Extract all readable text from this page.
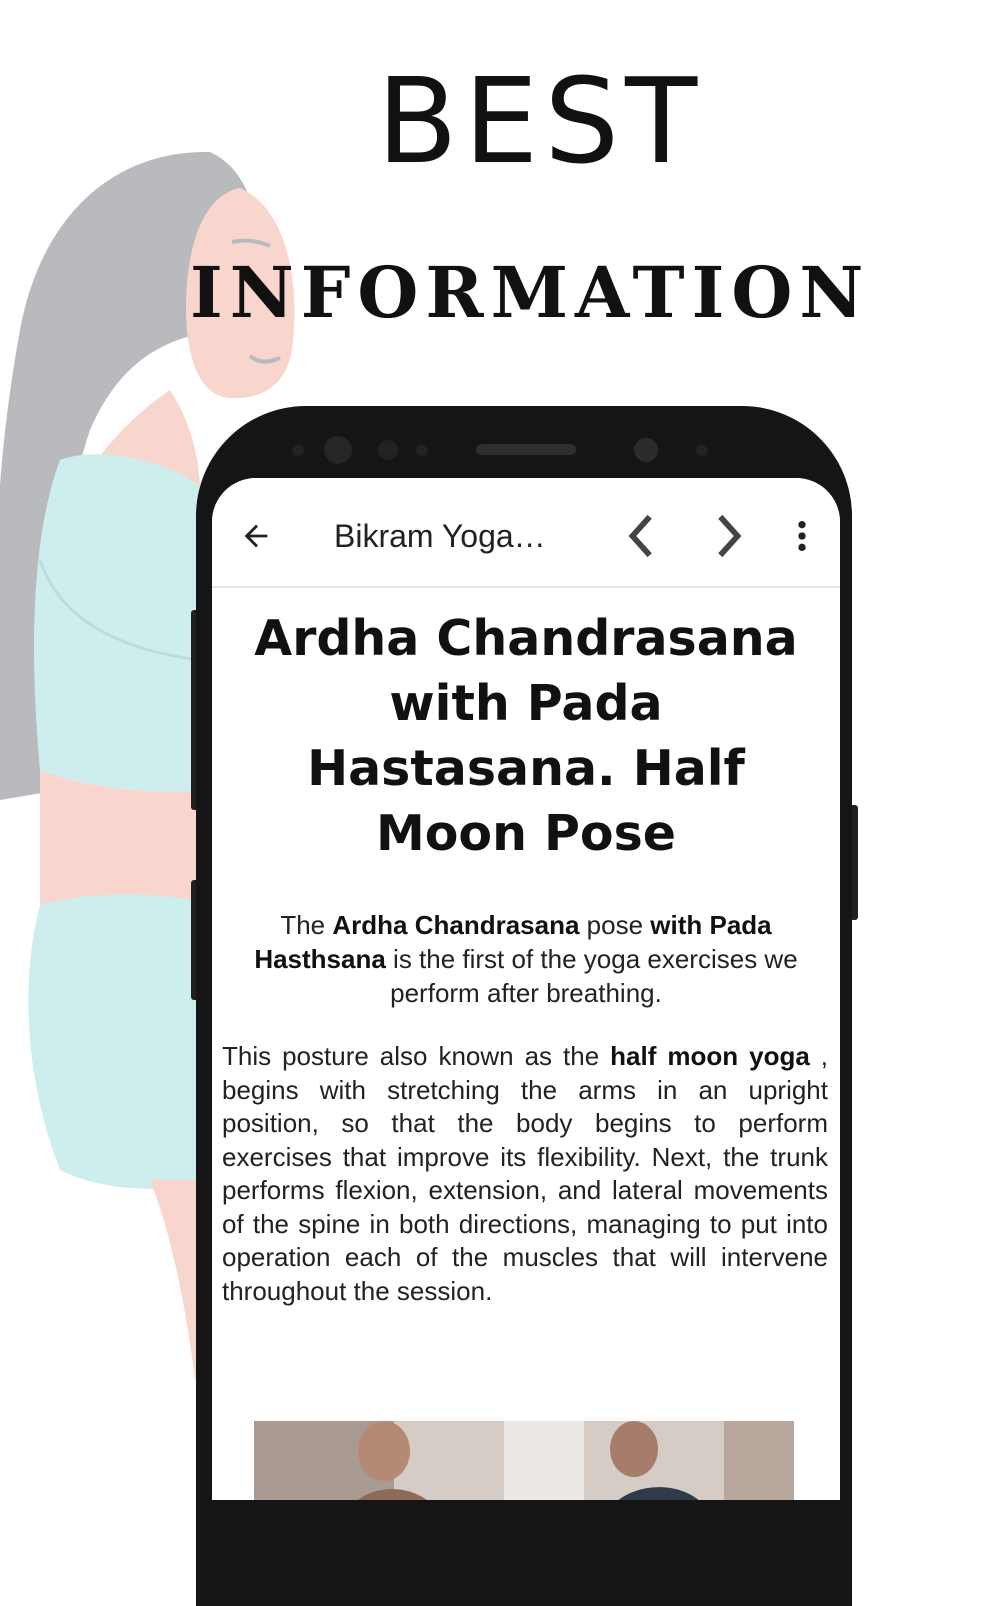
BEST
INFORMATION
Bikram Yoga…
Ardha Chandrasana with Pada Hastasana. Half Moon Pose

The Ardha Chandrasana pose with Pada Hasthsana is the first of the yoga exercises we perform after breathing.

This posture also known as the half moon yoga , begins with stretching the arms in an upright position, so that the body begins to perform exercises that improve its flexibility. Next, the trunk performs flexion, extension, and lateral movements of the spine in both directions, managing to put into operation each of the muscles that will intervene throughout the session.
